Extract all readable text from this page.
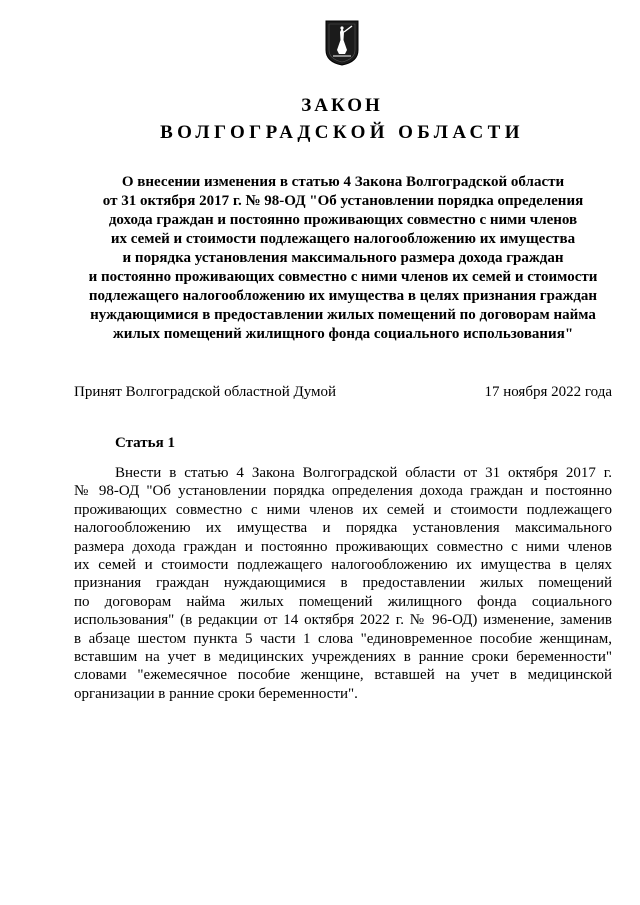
ЗАКОН
ВОЛГОГРАДСКОЙ ОБЛАСТИ
О внесении изменения в статью 4 Закона Волгоградской области
от 31 октября 2017 г. № 98-ОД "Об установлении порядка определения
дохода граждан и постоянно проживающих совместно с ними членов
их семей и стоимости подлежащего налогообложению их имущества
и порядка установления максимального размера дохода граждан
и постоянно проживающих совместно с ними членов их семей и стоимости
подлежащего налогообложению их имущества в целях признания граждан
нуждающимися в предоставлении жилых помещений по договорам найма
жилых помещений жилищного фонда социального использования"
Принят Волгоградской областной Думой	17 ноября 2022 года
Статья 1
Внести в статью 4 Закона Волгоградской области от 31 октября 2017 г.
№ 98-ОД "Об установлении порядка определения дохода граждан и постоянно
проживающих совместно с ними членов их семей и стоимости подлежащего
налогообложению их имущества и порядка установления максимального
размера дохода граждан и постоянно проживающих совместно с ними членов
их семей и стоимости подлежащего налогообложению их имущества в целях
признания граждан нуждающимися в предоставлении жилых помещений
по договорам найма жилых помещений жилищного фонда социального
использования" (в редакции от 14 октября 2022 г. № 96-ОД) изменение, заменив
в абзаце шестом пункта 5 части 1 слова "единовременное пособие женщинам,
вставшим на учет в медицинских учреждениях в ранние сроки беременности"
словами "ежемесячное пособие женщине, вставшей на учет в медицинской
организации в ранние сроки беременности".
